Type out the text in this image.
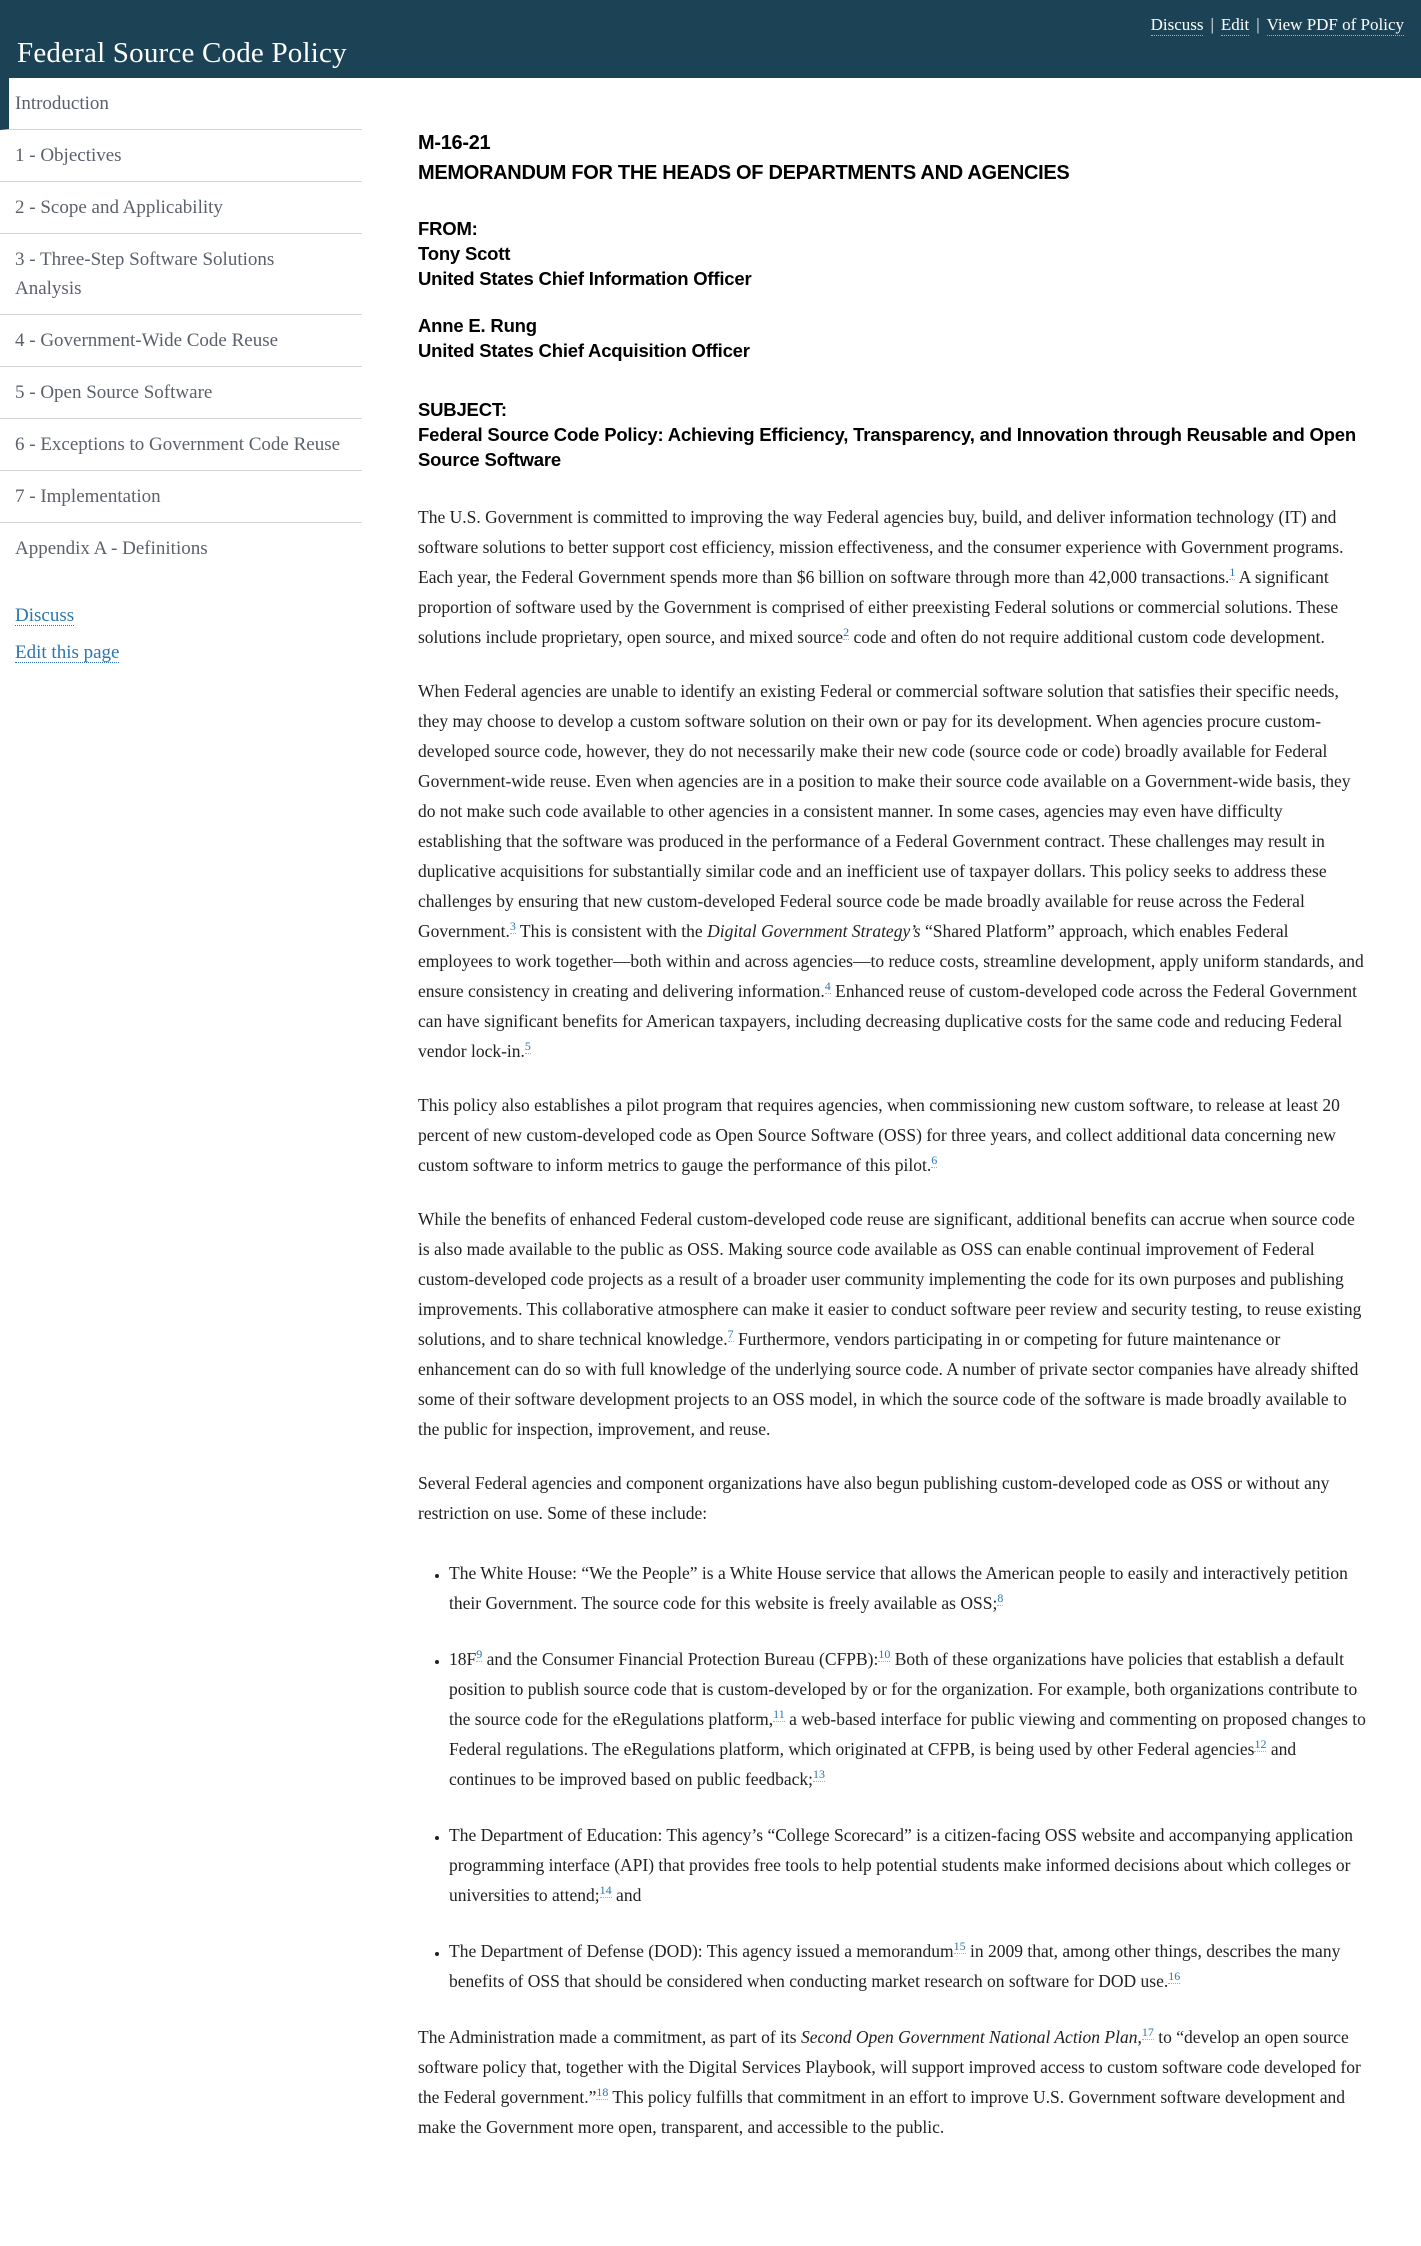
Federal Source Code Policy
Discuss | Edit | View PDF of Policy
Introduction
1 - Objectives
2 - Scope and Applicability
3 - Three-Step Software Solutions Analysis
4 - Government-Wide Code Reuse
5 - Open Source Software
6 - Exceptions to Government Code Reuse
7 - Implementation
Appendix A - Definitions
Discuss
Edit this page
M-16-21
MEMORANDUM FOR THE HEADS OF DEPARTMENTS AND AGENCIES
FROM:
Tony Scott
United States Chief Information Officer
Anne E. Rung
United States Chief Acquisition Officer
SUBJECT:
Federal Source Code Policy: Achieving Efficiency, Transparency, and Innovation through Reusable and Open Source Software

The U.S. Government is committed to improving the way Federal agencies buy, build, and deliver information technology (IT) and software solutions to better support cost efficiency, mission effectiveness, and the consumer experience with Government programs. Each year, the Federal Government spends more than $6 billion on software through more than 42,000 transactions.$^1$ A significant proportion of software used by the Government is comprised of either preexisting Federal solutions or commercial solutions. These solutions include proprietary, open source, and mixed source$^2$ code and often do not require additional custom code development.

When Federal agencies are unable to identify an existing Federal or commercial software solution that satisfies their specific needs, they may choose to develop a custom software solution on their own or pay for its development. When agencies procure custom-developed source code, however, they do not necessarily make their new code (source code or code) broadly available for Federal Government-wide reuse. Even when agencies are in a position to make their source code available on a Government-wide basis, they do not make such code available to other agencies in a consistent manner. In some cases, agencies may even have difficulty establishing that the software was produced in the performance of a Federal Government contract. These challenges may result in duplicative acquisitions for substantially similar code and an inefficient use of taxpayer dollars. This policy seeks to address these challenges by ensuring that new custom-developed Federal source code be made broadly available for reuse across the Federal Government.$^3$ This is consistent with the Digital Government Strategy’s “Shared Platform” approach, which enables Federal employees to work together—both within and across agencies—to reduce costs, streamline development, apply uniform standards, and ensure consistency in creating and delivering information.$^4$ Enhanced reuse of custom-developed code across the Federal Government can have significant benefits for American taxpayers, including decreasing duplicative costs for the same code and reducing Federal vendor lock-in.$^5$

This policy also establishes a pilot program that requires agencies, when commissioning new custom software, to release at least 20 percent of new custom-developed code as Open Source Software (OSS) for three years, and collect additional data concerning new custom software to inform metrics to gauge the performance of this pilot.$^6$

While the benefits of enhanced Federal custom-developed code reuse are significant, additional benefits can accrue when source code is also made available to the public as OSS. Making source code available as OSS can enable continual improvement of Federal custom-developed code projects as a result of a broader user community implementing the code for its own purposes and publishing improvements. This collaborative atmosphere can make it easier to conduct software peer review and security testing, to reuse existing solutions, and to share technical knowledge.$^7$ Furthermore, vendors participating in or competing for future maintenance or enhancement can do so with full knowledge of the underlying source code. A number of private sector companies have already shifted some of their software development projects to an OSS model, in which the source code of the software is made broadly available to the public for inspection, improvement, and reuse.

Several Federal agencies and component organizations have also begun publishing custom-developed code as OSS or without any restriction on use. Some of these include:

• The White House: “We the People” is a White House service that allows the American people to easily and interactively petition their Government. The source code for this website is freely available as OSS;$^8$
• 18F$^9$ and the Consumer Financial Protection Bureau (CFPB):$^{10}$ Both of these organizations have policies that establish a default position to publish source code that is custom-developed by or for the organization. For example, both organizations contribute to the source code for the eRegulations platform,$^{11}$ a web-based interface for public viewing and commenting on proposed changes to Federal regulations. The eRegulations platform, which originated at CFPB, is being used by other Federal agencies$^{12}$ and continues to be improved based on public feedback;$^{13}$
• The Department of Education: This agency’s “College Scorecard” is a citizen-facing OSS website and accompanying application programming interface (API) that provides free tools to help potential students make informed decisions about which colleges or universities to attend;$^{14}$ and
• The Department of Defense (DOD): This agency issued a memorandum$^{15}$ in 2009 that, among other things, describes the many benefits of OSS that should be considered when conducting market research on software for DOD use.$^{16}$

The Administration made a commitment, as part of its Second Open Government National Action Plan,$^{17}$ to “develop an open source software policy that, together with the Digital Services Playbook, will support improved access to custom software code developed for the Federal government.”$^{18}$ This policy fulfills that commitment in an effort to improve U.S. Government software development and make the Government more open, transparent, and accessible to the public.
